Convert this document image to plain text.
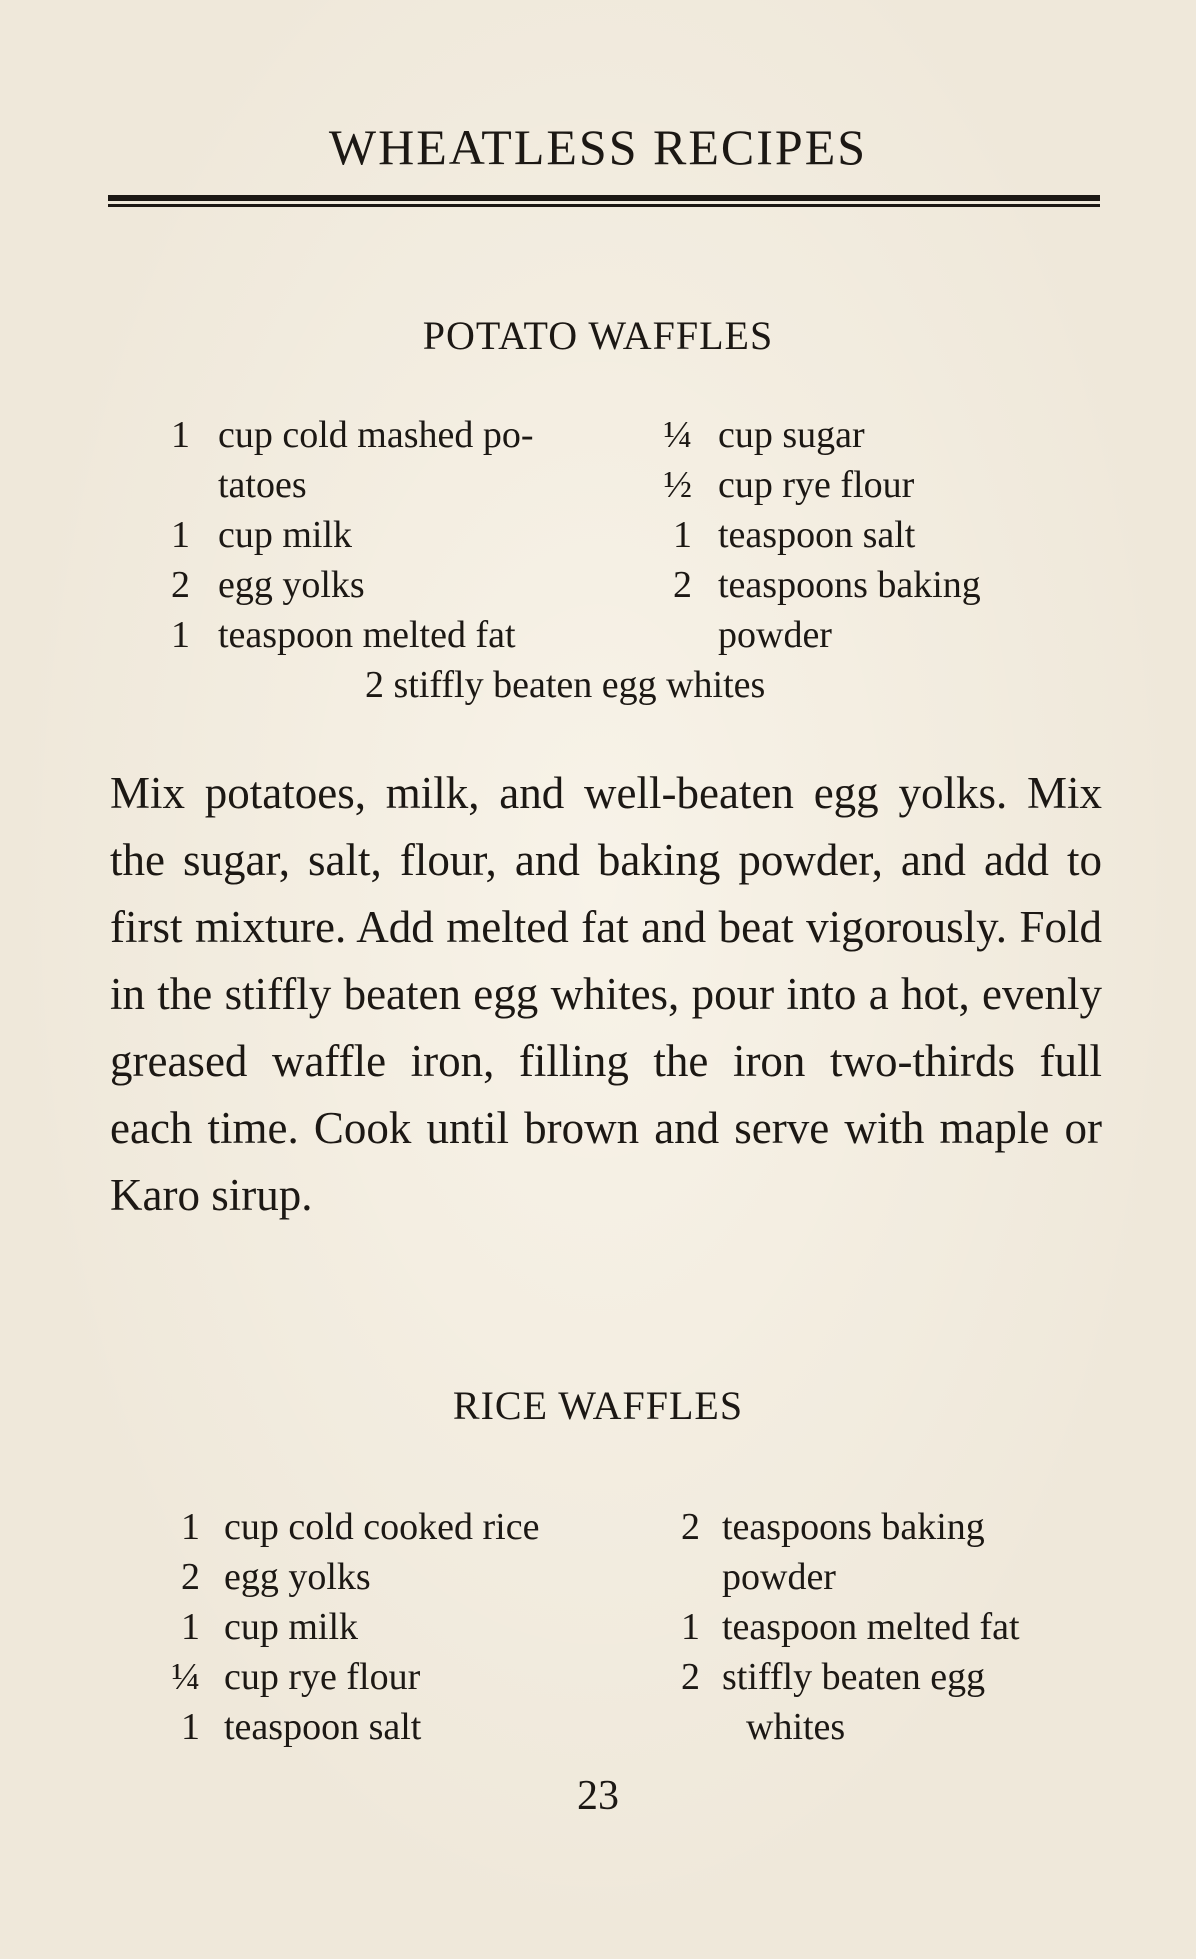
WHEATLESS RECIPES
POTATO WAFFLES
1 cup cold mashed po-
tatoes
1 cup milk
2 egg yolks
1 teaspoon melted fat
¼ cup sugar
½ cup rye flour
1 teaspoon salt
2 teaspoons baking
powder
2 stiffly beaten egg whites
Mix potatoes, milk, and well-beaten egg yolks. Mix the sugar, salt, flour, and baking powder, and add to first mixture. Add melted fat and beat vigorously. Fold in the stiffly beaten egg whites, pour into a hot, evenly greased waffle iron, filling the iron two-thirds full each time. Cook until brown and serve with maple or Karo sirup.
RICE WAFFLES
1 cup cold cooked rice
2 egg yolks
1 cup milk
¼ cup rye flour
1 teaspoon salt
2 teaspoons baking
powder
1 teaspoon melted fat
2 stiffly beaten egg
whites
23
